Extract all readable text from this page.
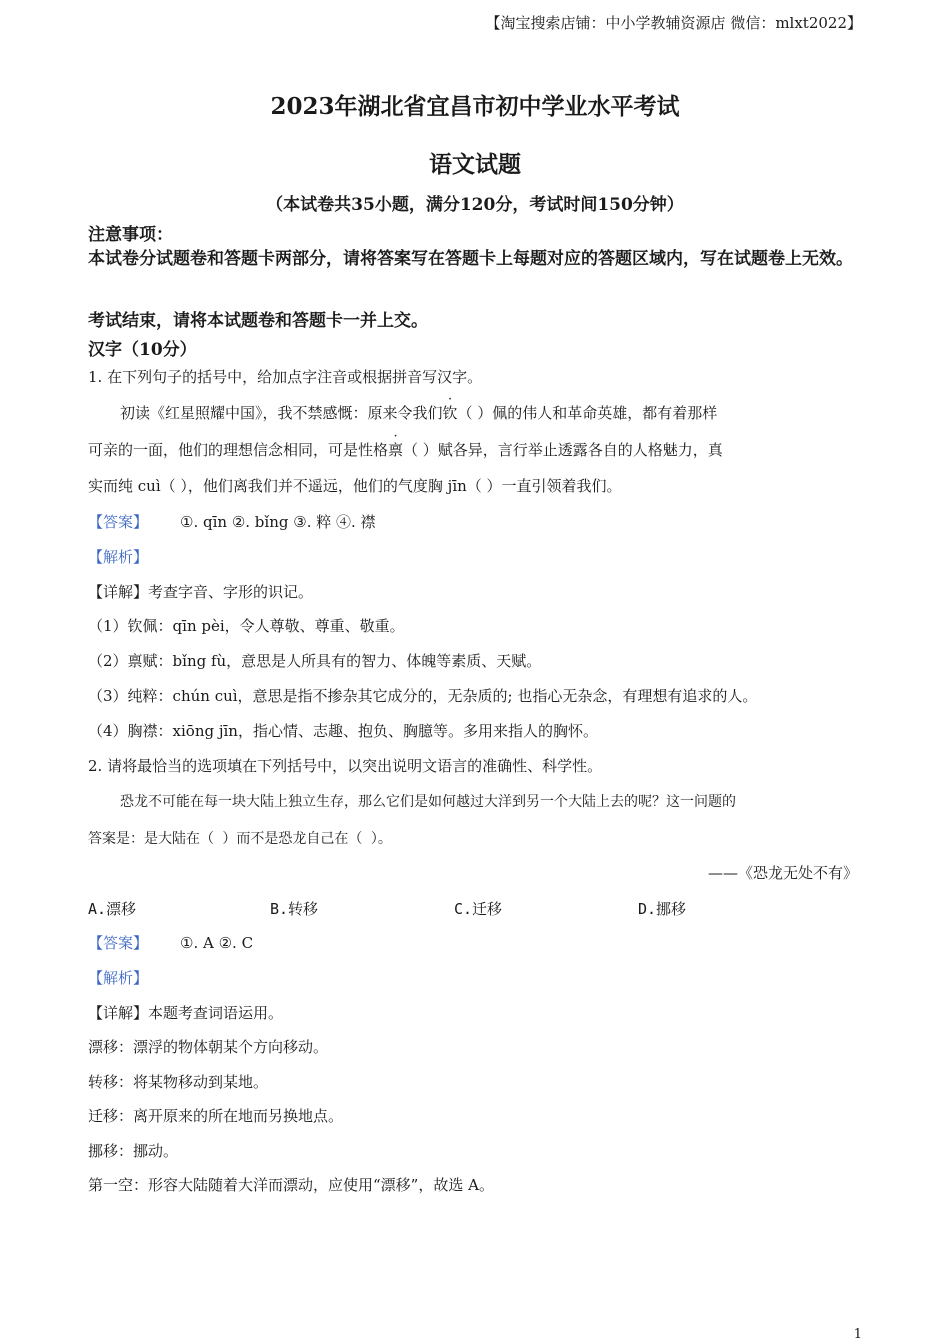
【淘宝搜索店铺：中小学教辅资源店 微信：mlxt2022】
2023年湖北省宜昌市初中学业水平考试
语文试题
（本试卷共35小题，满分120分，考试时间150分钟）
注意事项：
本试卷分试题卷和答题卡两部分，请将答案写在答题卡上每题对应的答题区域内，写在试题卷上无效。
考试结束，请将本试题卷和答题卡一并上交。
汉字（10分）
1. 在下列句子的括号中，给加点字注音或根据拼音写汉字。
初读《红星照耀中国》，我不禁感慨：原来令我们钦（ ）佩的伟人和革命英雄，都有着那样
可亲的一面，他们的理想信念相同，可是性格禀（ ）赋各异，言行举止透露各自的人格魅力，真
实而纯 cuì（ ），他们离我们并不遥远，他们的气度胸 jīn（ ）一直引领着我们。
【答案】 ①. qīn ②. bǐng ③. 粹 ④. 襟
【解析】
【详解】考查字音、字形的识记。
（1）钦佩：qīn pèi，令人尊敬、尊重、敬重。
（2）禀赋：bǐng fù，意思是人所具有的智力、体魄等素质、天赋。
（3）纯粹：chún cuì，意思是指不掺杂其它成分的，无杂质的; 也指心无杂念，有理想有追求的人。
（4）胸襟：xiōng jīn，指心情、志趣、抱负、胸臆等。多用来指人的胸怀。
2. 请将最恰当的选项填在下列括号中，以突出说明文语言的准确性、科学性。
恐龙不可能在每一块大陆上独立生存，那么它们是如何越过大洋到另一个大陆上去的呢？这一问题的
答案是：是大陆在（ ）而不是恐龙自己在（ ）。
——《恐龙无处不有》
A.漂移	B.转移	C.迁移	D.挪移
【答案】 ①. A ②. C
【解析】
【详解】本题考查词语运用。
漂移：漂浮的物体朝某个方向移动。
转移：将某物移动到某地。
迁移：离开原来的所在地而另换地点。
挪移：挪动。
第一空：形容大陆随着大洋而漂动，应使用“漂移”，故选 A。
1
